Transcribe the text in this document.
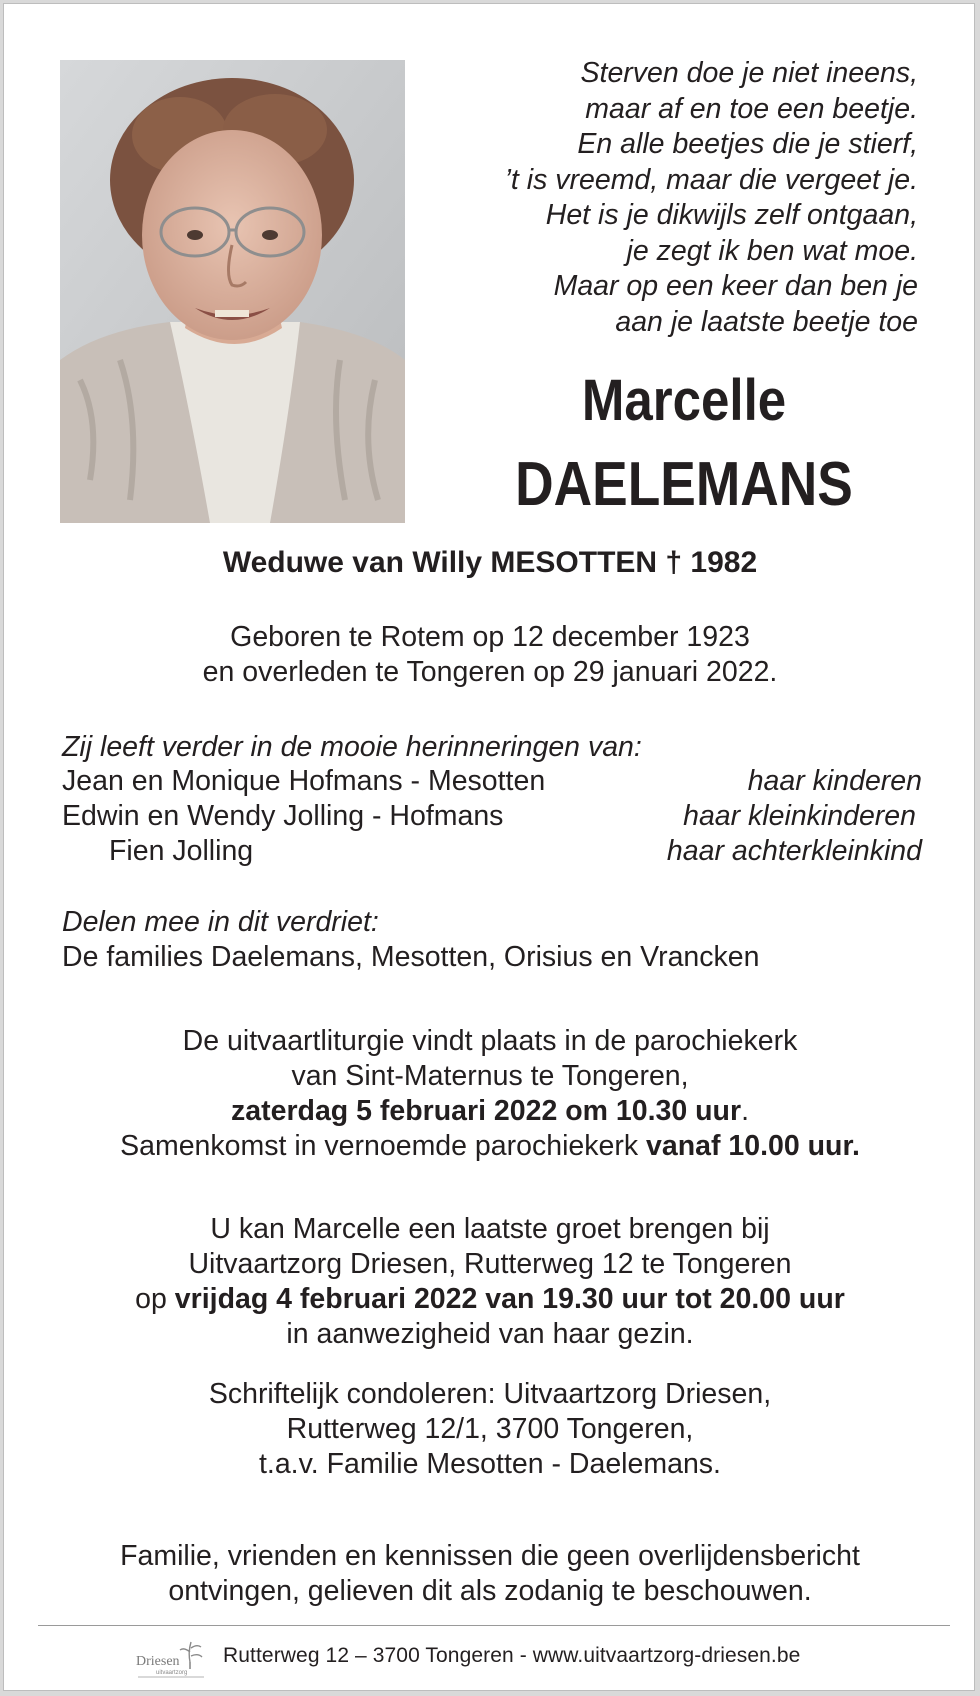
Sterven doe je niet ineens,
maar af en toe een beetje.
En alle beetjes die je stierf,
’t is vreemd, maar die vergeet je.
Het is je dikwijls zelf ontgaan,
je zegt ik ben wat moe.
Maar op een keer dan ben je
aan je laatste beetje toe
Marcelle
DAELEMANS
Weduwe van Willy MESOTTEN † 1982
Geboren te Rotem op 12 december 1923
en overleden te Tongeren op 29 januari 2022.
Zij leeft verder in de mooie herinneringen van:
Jean en Monique Hofmans - Mesotten	haar kinderen
Edwin en Wendy Jolling - Hofmans	haar kleinkinderen
Fien Jolling	haar achterkleinkind
Delen mee in dit verdriet:
De families Daelemans, Mesotten, Orisius en Vrancken
De uitvaartliturgie vindt plaats in de parochiekerk
van Sint-Maternus te Tongeren,
zaterdag 5 februari 2022 om 10.30 uur.
Samenkomst in vernoemde parochiekerk vanaf 10.00 uur.
U kan Marcelle een laatste groet brengen bij
Uitvaartzorg Driesen, Rutterweg 12 te Tongeren
op vrijdag 4 februari 2022 van 19.30 uur tot 20.00 uur
in aanwezigheid van haar gezin.
Schriftelijk condoleren: Uitvaartzorg Driesen,
Rutterweg 12/1, 3700 Tongeren,
t.a.v. Familie Mesotten - Daelemans.
Familie, vrienden en kennissen die geen overlijdensbericht
ontvingen, gelieven dit als zodanig te beschouwen.
Driesen
uitvaartzorg
Rutterweg 12 – 3700 Tongeren - www.uitvaartzorg-driesen.be
